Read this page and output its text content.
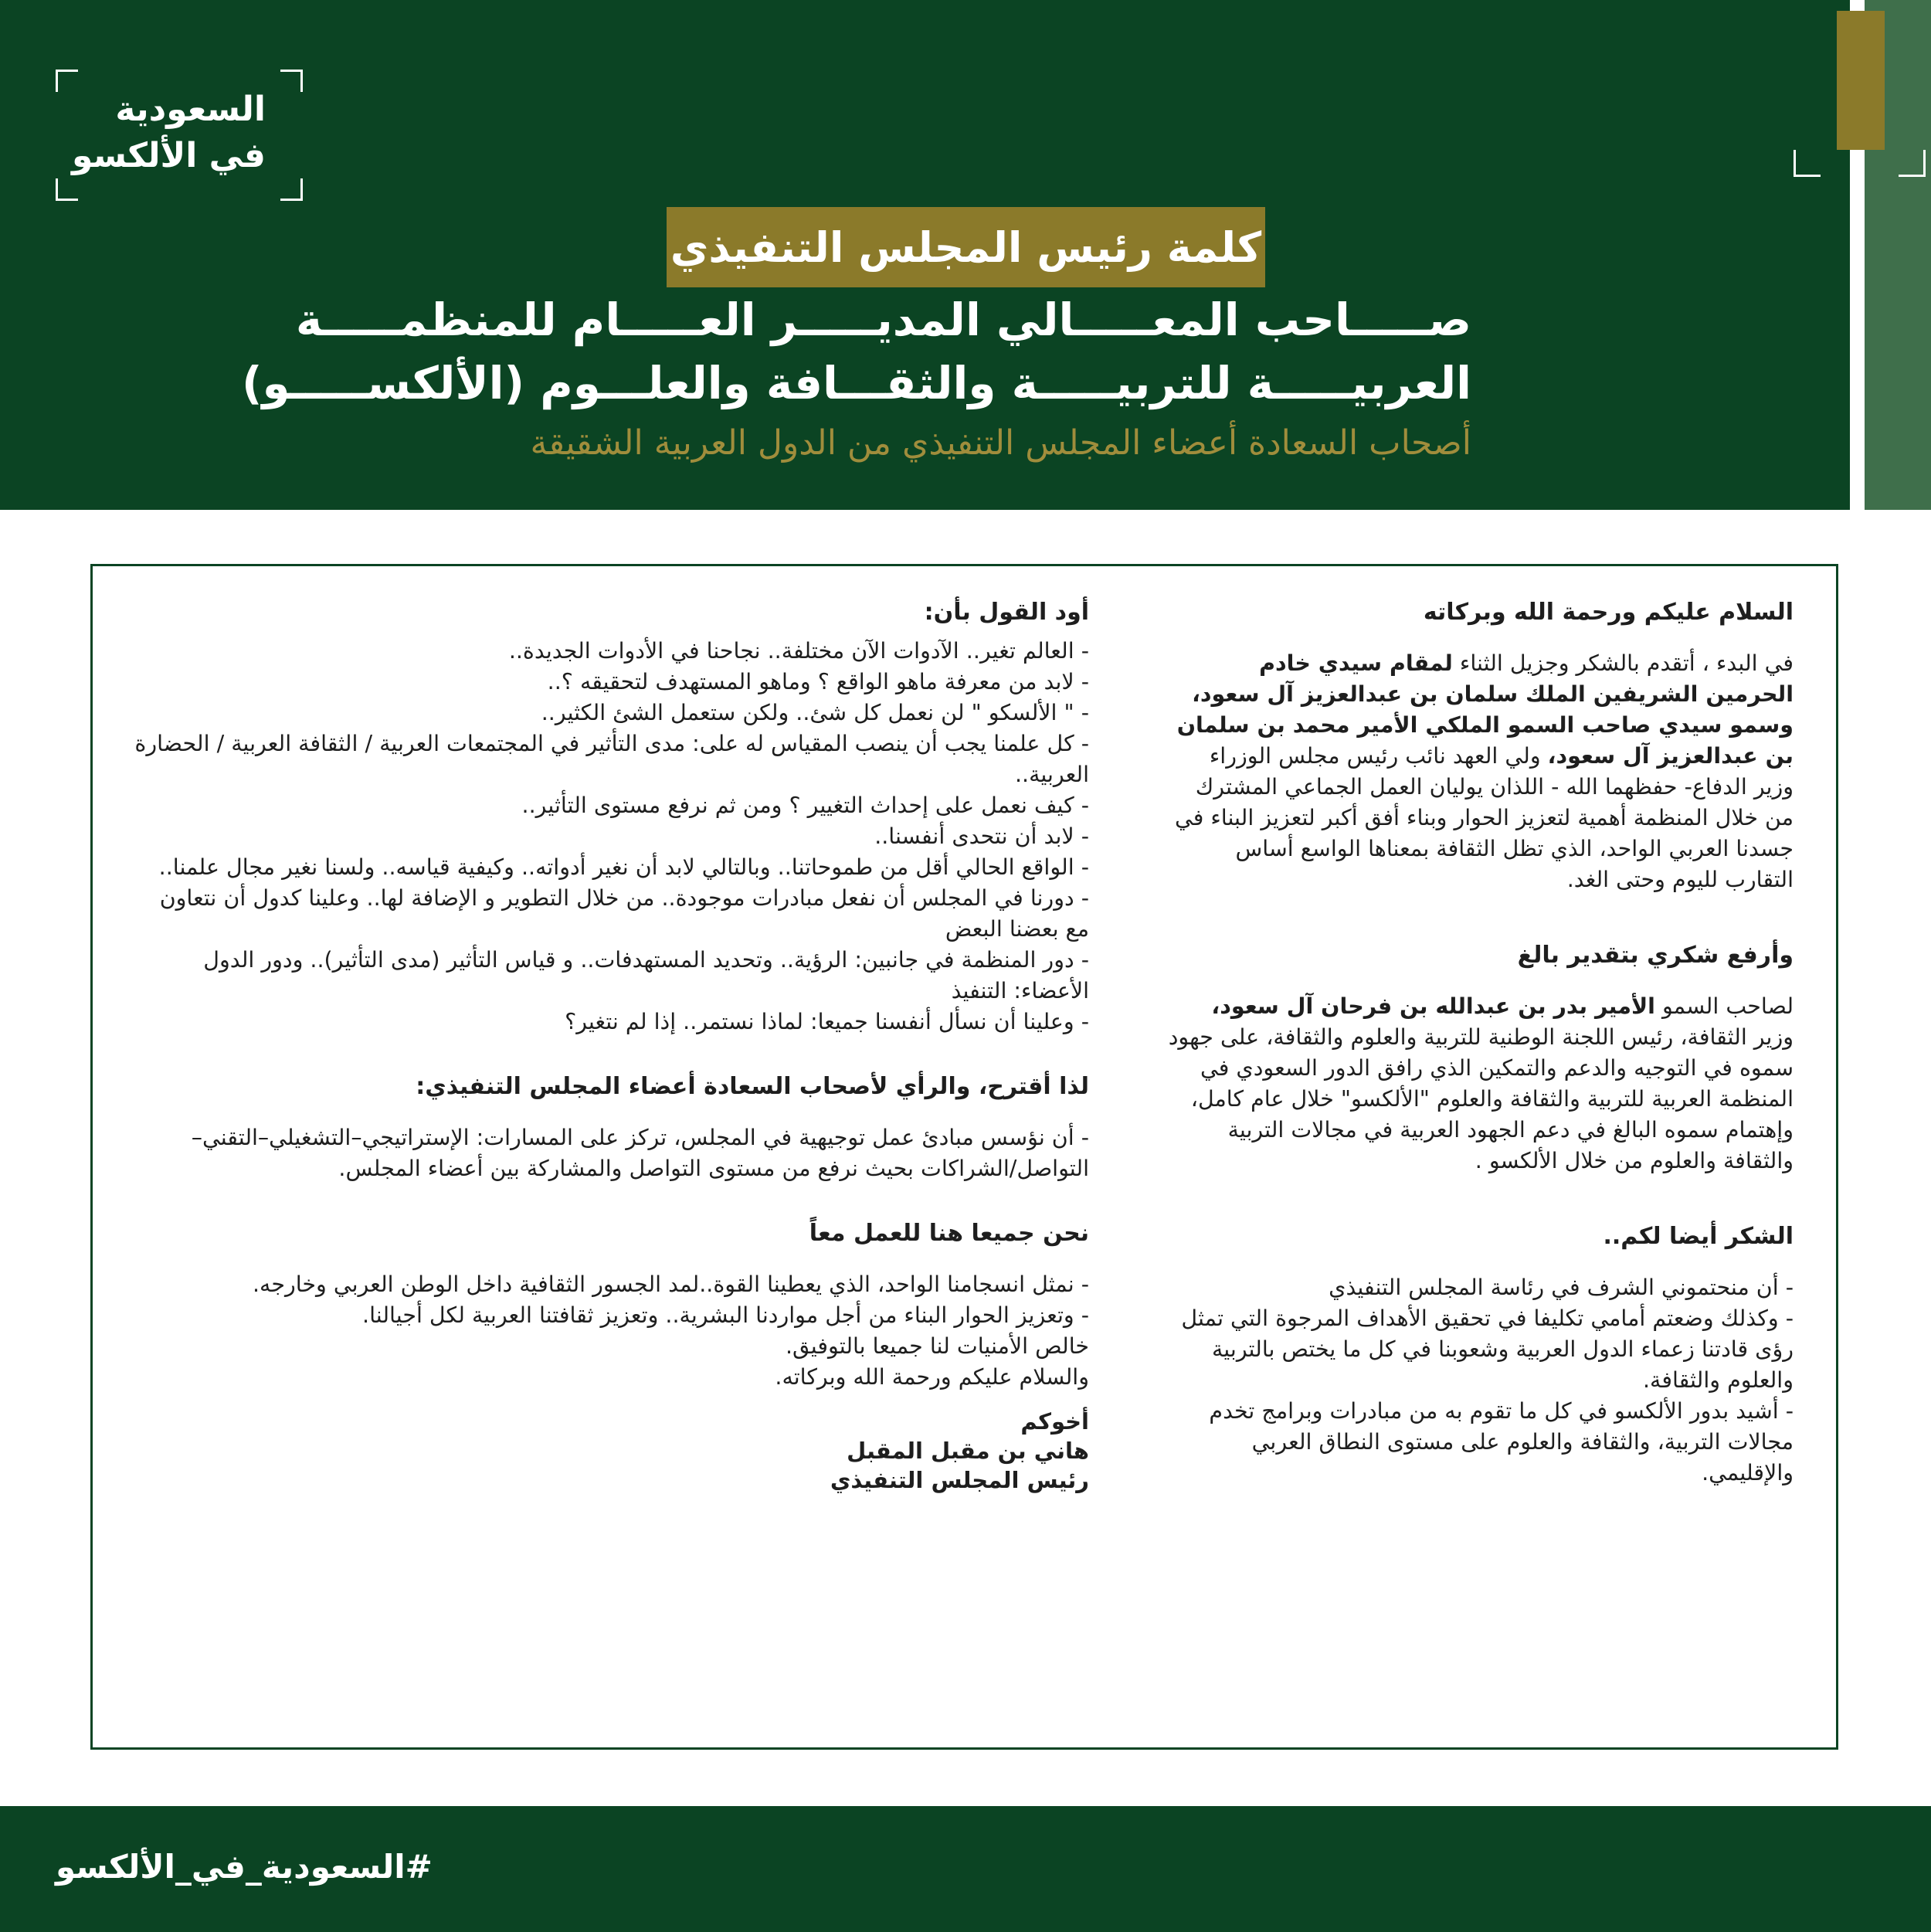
السعودية
في الألكسو
كلمة رئيس المجلس التنفيذي
صـــــاحب المعـــــالي المديـــــر العـــــام للمنظمـــــة
العربيـــــة للتربيـــــة والثقـــافة والعلـــوم (الألكســـــو)
أصحاب السعادة أعضاء المجلس التنفيذي من الدول العربية الشقيقة
السلام عليكم ورحمة الله وبركاته
في البدء ، أتقدم بالشكر وجزيل الثناء لمقام سيدي خادم الحرمين الشريفين الملك سلمان بن عبدالعزيز آل سعود، وسمو سيدي صاحب السمو الملكي الأمير محمد بن سلمان بن عبدالعزيز آل سعود، ولي العهد نائب رئيس مجلس الوزراء وزير الدفاع- حفظهما الله - اللذان يوليان العمل الجماعي المشترك من خلال المنظمة أهمية لتعزيز الحوار وبناء أفق أكبر لتعزيز البناء في جسدنا العربي الواحد، الذي تظل الثقافة بمعناها الواسع أساس التقارب لليوم وحتى الغد.
وأرفع شكري بتقدير بالغ
لصاحب السمو الأمير بدر بن عبدالله بن فرحان آل سعود، وزير الثقافة، رئيس اللجنة الوطنية للتربية والعلوم والثقافة، على جهود سموه في التوجيه والدعم والتمكين الذي رافق الدور السعودي في المنظمة العربية للتربية والثقافة والعلوم "الألكسو" خلال عام كامل، وإهتمام سموه البالغ في دعم الجهود العربية في مجالات التربية والثقافة والعلوم من خلال الألكسو .
الشكر أيضا لكم..
- أن منحتموني الشرف في رئاسة المجلس التنفيذي
- وكذلك وضعتم أمامي تكليفا في تحقيق الأهداف المرجوة التي تمثل رؤى قادتنا زعماء الدول العربية وشعوبنا في كل ما يختص بالتربية والعلوم والثقافة.
- أشيد بدور الألكسو في كل ما تقوم به من مبادرات وبرامج تخدم مجالات التربية، والثقافة والعلوم على مستوى النطاق العربي والإقليمي.
أود القول بأن:
- العالم تغير.. الآدوات الآن مختلفة.. نجاحنا في الأدوات الجديدة..
- لابد من معرفة ماهو الواقع ؟ وماهو المستهدف لتحقيقه ؟..
- " الألسكو " لن نعمل كل شئ.. ولكن ستعمل الشئ الكثير..
- كل علمنا يجب أن ينصب المقياس له على: مدى التأثير في المجتمعات العربية / الثقافة العربية / الحضارة العربية..
- كيف نعمل على إحداث التغيير ؟ ومن ثم نرفع مستوى التأثير..
- لابد أن نتحدى أنفسنا..
- الواقع الحالي أقل من طموحاتنا.. وبالتالي لابد أن نغير أدواته.. وكيفية قياسه.. ولسنا نغير مجال علمنا..
- دورنا في المجلس أن نفعل مبادرات موجودة.. من خلال التطوير و الإضافة لها.. وعلينا كدول أن نتعاون مع بعضنا البعض
- دور المنظمة في جانبين: الرؤية.. وتحديد المستهدفات.. و قياس التأثير (مدى التأثير).. ودور الدول الأعضاء: التنفيذ
- وعلينا أن نسأل أنفسنا جميعا: لماذا نستمر.. إذا لم نتغير؟
لذا أقترح، والرأي لأصحاب السعادة أعضاء المجلس التنفيذي:
- أن نؤسس مبادئ عمل توجيهية في المجلس، تركز على المسارات: الإستراتيجي–التشغيلي–التقني–التواصل/الشراكات بحيث نرفع من مستوى التواصل والمشاركة بين أعضاء المجلس.
نحن جميعا هنا للعمل معاً
- نمثل انسجامنا الواحد، الذي يعطينا القوة..لمد الجسور الثقافية داخل الوطن العربي وخارجه.
- وتعزيز الحوار البناء من أجل مواردنا البشرية.. وتعزيز ثقافتنا العربية لكل أجيالنا.
خالص الأمنيات لنا جميعا بالتوفيق.
والسلام عليكم ورحمة الله وبركاته.
أخوكم
هاني بن مقبل المقبل
رئيس المجلس التنفيذي
#السعودية_في_الألكسو
